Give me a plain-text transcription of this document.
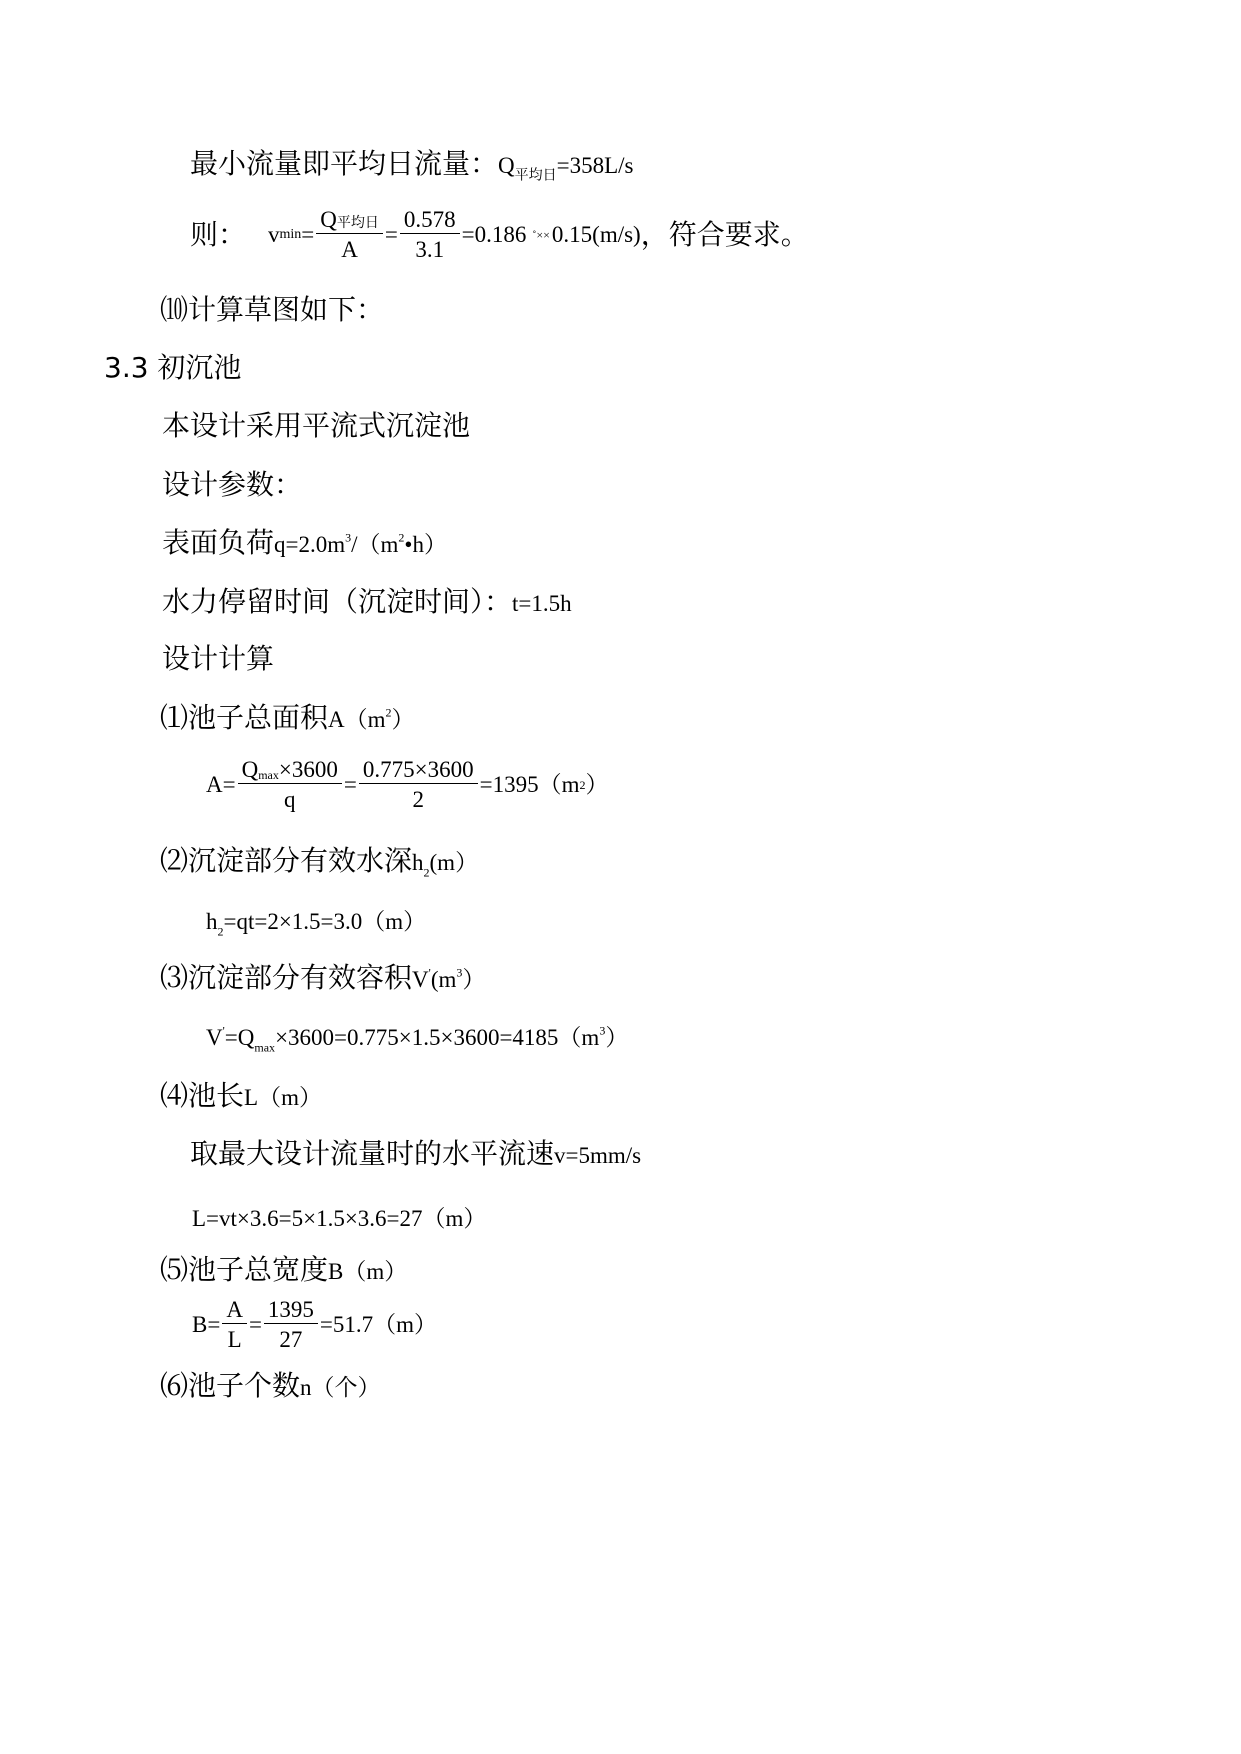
最小流量即平均日流量：$Q_{平均日}=358L/s$
则： v $\min = \frac{\text{Q平均日}}{A} = \frac{0.578}{3.1} =0.186$ ˚×× 0.15(m/s) ，符合要求。
⑽计算草图如下：
3.3 初沉池
本设计采用平流式沉淀池
设计参数：
表面负荷$q=2.0m^3/(m^2•h)$
水力停留时间（沉淀时间）：t=1.5h
设计计算
⑴池子总面积$A(m^2)$
$A= \frac{Q_{max}\times 3600}{q} = \frac{0.775\times 3600}{2} =1395(m$ 2 ）
⑵沉淀部分有效水深$h_2(m)$
$h_2=qt=2\times 1.5=3.0(m)$
⑶沉淀部分有效容积$V'(m^3)$
$V'=Q_{max}\times 3600=0.775\times 1.5\times 3600=4185(m^3)$
⑷池长L（m）
取最大设计流量时的水平流速v=5mm/s
L=vt×3.6=5×1.5×3.6=27（m）
⑸池子总宽度B（m）
$B= \frac{A}{L} = \frac{1395}{27} =51.7(m)$
⑹池子个数n（个）
